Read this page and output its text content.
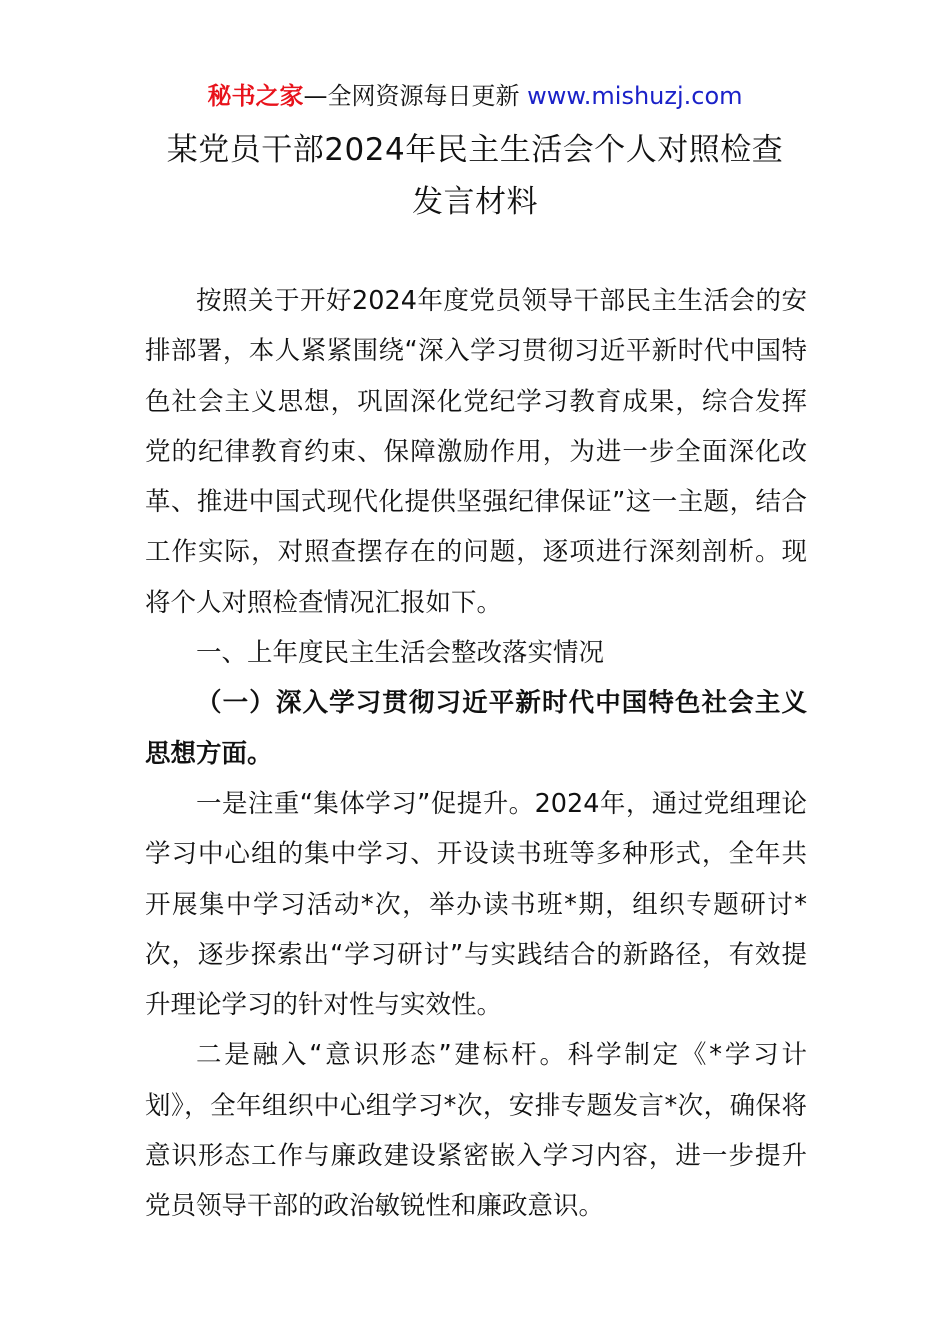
秘书之家—全网资源每日更新 www.mishuzj.com
某党员干部2024年民主生活会个人对照检查
发言材料

按照关于开好2024年度党员领导干部民主生活会的安排部署，本人紧紧围绕“深入学习贯彻习近平新时代中国特色社会主义思想，巩固深化党纪学习教育成果，综合发挥党的纪律教育约束、保障激励作用，为进一步全面深化改革、推进中国式现代化提供坚强纪律保证”这一主题，结合工作实际，对照查摆存在的问题，逐项进行深刻剖析。现将个人对照检查情况汇报如下。

一、上年度民主生活会整改落实情况

（一）深入学习贯彻习近平新时代中国特色社会主义思想方面。

一是注重“集体学习”促提升。2024年，通过党组理论学习中心组的集中学习、开设读书班等多种形式，全年共开展集中学习活动*次，举办读书班*期，组织专题研讨*次，逐步探索出“学习研讨”与实践结合的新路径，有效提升理论学习的针对性与实效性。

二是融入“意识形态”建标杆。科学制定《*学习计划》，全年组织中心组学习*次，安排专题发言*次，确保将意识形态工作与廉政建设紧密嵌入学习内容，进一步提升党员领导干部的政治敏锐性和廉政意识。
